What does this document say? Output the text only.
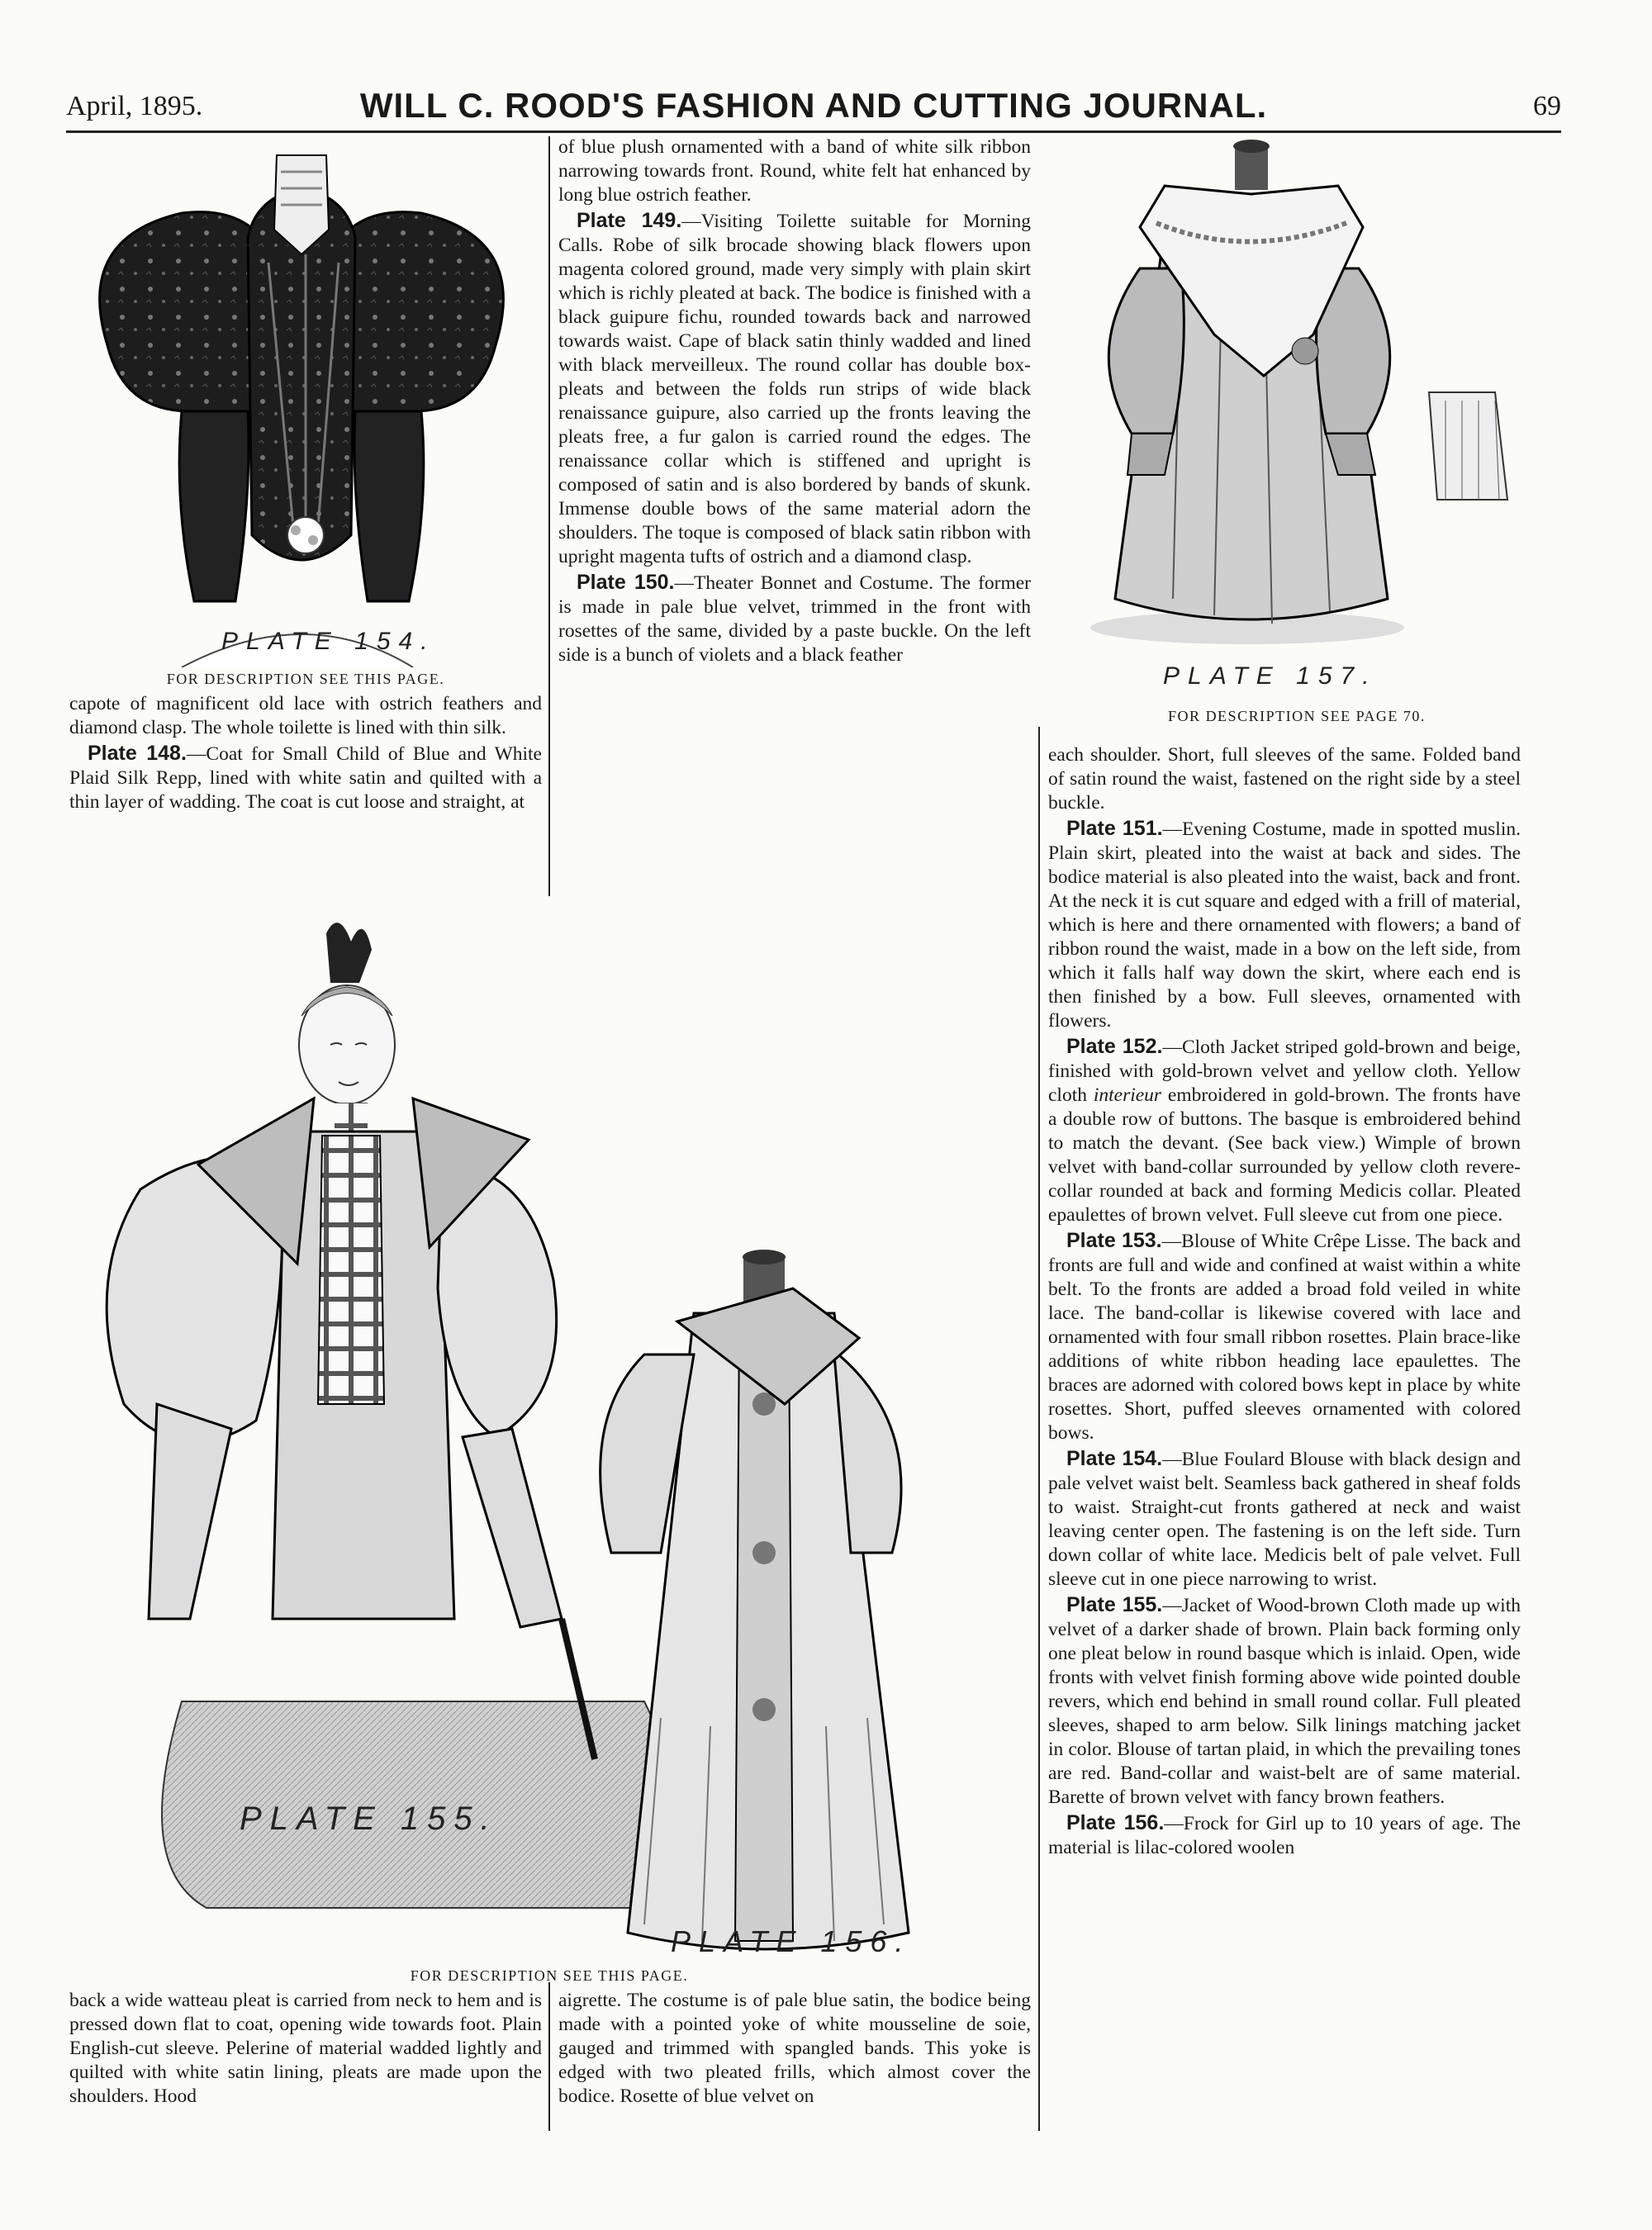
April, 1895.	WILL C. ROOD'S FASHION AND CUTTING JOURNAL.	69
PLATE 154.
FOR DESCRIPTION SEE THIS PAGE.

capote of magnificent old lace with ostrich feathers and diamond clasp. The whole toilette is lined with thin silk.

Plate 148.—Coat for Small Child of Blue and White Plaid Silk Repp, lined with white satin and quilted with a thin layer of wadding. The coat is cut loose and straight, at

of blue plush ornamented with a band of white silk ribbon narrowing towards front. Round, white felt hat enhanced by long blue ostrich feather.

Plate 149.—Visiting Toilette suitable for Morning Calls. Robe of silk brocade showing black flowers upon magenta colored ground, made very simply with plain skirt which is richly pleated at back. The bodice is finished with a black guipure fichu, rounded towards back and narrowed towards waist. Cape of black satin thinly wadded and lined with black merveilleux. The round collar has double box-pleats and between the folds run strips of wide black renaissance guipure, also carried up the fronts leaving the pleats free, a fur galon is carried round the edges. The renaissance collar which is stiffened and upright is composed of satin and is also bordered by bands of skunk. Immense double bows of the same material adorn the shoulders. The toque is composed of black satin ribbon with upright magenta tufts of ostrich and a diamond clasp.

Plate 150.—Theater Bonnet and Costume. The former is made in pale blue velvet, trimmed in the front with rosettes of the same, divided by a paste buckle. On the left side is a bunch of violets and a black feather

PLATE 157.
FOR DESCRIPTION SEE PAGE 70.

each shoulder. Short, full sleeves of the same. Folded band of satin round the waist, fastened on the right side by a steel buckle.

Plate 151.—Evening Costume, made in spotted muslin. Plain skirt, pleated into the waist at back and sides. The bodice material is also pleated into the waist, back and front. At the neck it is cut square and edged with a frill of material, which is here and there ornamented with flowers; a band of ribbon round the waist, made in a bow on the left side, from which it falls half way down the skirt, where each end is then finished by a bow. Full sleeves, ornamented with flowers.

Plate 152.—Cloth Jacket striped gold-brown and beige, finished with gold-brown velvet and yellow cloth. Yellow cloth interieur embroidered in gold-brown. The fronts have a double row of buttons. The basque is embroidered behind to match the devant. (See back view.) Wimple of brown velvet with band-collar surrounded by yellow cloth revere-collar rounded at back and forming Medicis collar. Pleated epaulettes of brown velvet. Full sleeve cut from one piece.

Plate 153.—Blouse of White Crêpe Lisse. The back and fronts are full and wide and confined at waist within a white belt. To the fronts are added a broad fold veiled in white lace. The band-collar is likewise covered with lace and ornamented with four small ribbon rosettes. Plain brace-like additions of white ribbon heading lace epaulettes. The braces are adorned with colored bows kept in place by white rosettes. Short, puffed sleeves ornamented with colored bows.

Plate 154.—Blue Foulard Blouse with black design and pale velvet waist belt. Seamless back gathered in sheaf folds to waist. Straight-cut fronts gathered at neck and waist leaving center open. The fastening is on the left side. Turn down collar of white lace. Medicis belt of pale velvet. Full sleeve cut in one piece narrowing to wrist.

Plate 155.—Jacket of Wood-brown Cloth made up with velvet of a darker shade of brown. Plain back forming only one pleat below in round basque which is inlaid. Open, wide fronts with velvet finish forming above wide pointed double revers, which end behind in small round collar. Full pleated sleeves, shaped to arm below. Silk linings matching jacket in color. Blouse of tartan plaid, in which the prevailing tones are red. Band-collar and waist-belt are of same material. Barette of brown velvet with fancy brown feathers.

Plate 156.—Frock for Girl up to 10 years of age. The material is lilac-colored woolen

PLATE 155.
PLATE 156.
FOR DESCRIPTION SEE THIS PAGE.

back a wide watteau pleat is carried from neck to hem and is pressed down flat to coat, opening wide towards foot. Plain English-cut sleeve. Pelerine of material wadded lightly and quilted with white satin lining, pleats are made upon the shoulders. Hood

aigrette. The costume is of pale blue satin, the bodice being made with a pointed yoke of white mousseline de soie, gauged and trimmed with spangled bands. This yoke is edged with two pleated frills, which almost cover the bodice. Rosette of blue velvet on
